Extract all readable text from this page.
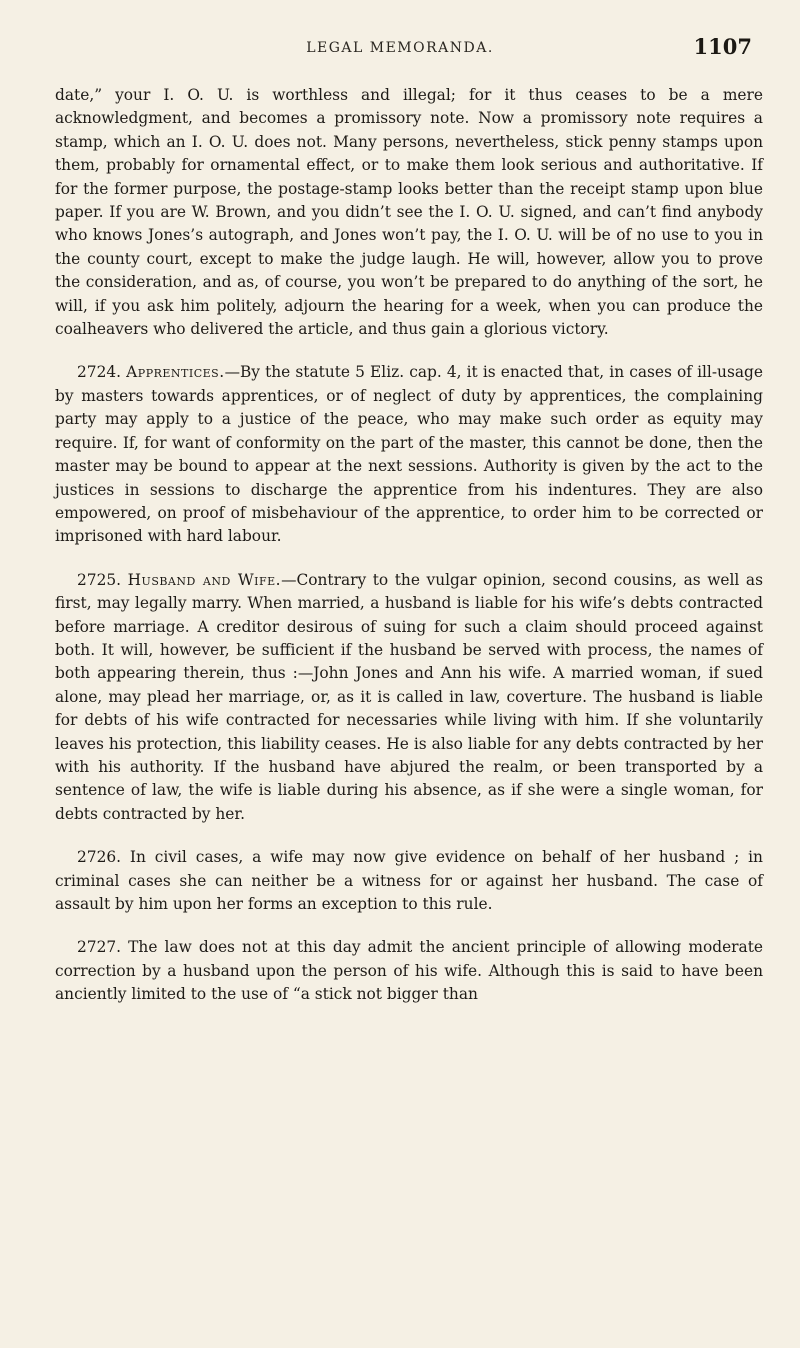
LEGAL MEMORANDA.	1107

date,” your I. O. U. is worthless and illegal; for it thus ceases to be a mere acknowledgment, and becomes a promissory note. Now a promissory note requires a stamp, which an I. O. U. does not. Many persons, nevertheless, stick penny stamps upon them, probably for ornamental effect, or to make them look serious and authoritative. If for the former purpose, the postage-stamp looks better than the receipt stamp upon blue paper. If you are W. Brown, and you didn’t see the I. O. U. signed, and can’t find anybody who knows Jones’s autograph, and Jones won’t pay, the I. O. U. will be of no use to you in the county court, except to make the judge laugh. He will, however, allow you to prove the consideration, and as, of course, you won’t be prepared to do anything of the sort, he will, if you ask him politely, adjourn the hearing for a week, when you can produce the coalheavers who delivered the article, and thus gain a glorious victory.

2724. Apprentices.—By the statute 5 Eliz. cap. 4, it is enacted that, in cases of ill-usage by masters towards apprentices, or of neglect of duty by apprentices, the complaining party may apply to a justice of the peace, who may make such order as equity may require. If, for want of conformity on the part of the master, this cannot be done, then the master may be bound to appear at the next sessions. Authority is given by the act to the justices in sessions to discharge the apprentice from his indentures. They are also empowered, on proof of misbehaviour of the apprentice, to order him to be corrected or imprisoned with hard labour.

2725. Husband and Wife.—Contrary to the vulgar opinion, second cousins, as well as first, may legally marry. When married, a husband is liable for his wife’s debts contracted before marriage. A creditor desirous of suing for such a claim should proceed against both. It will, however, be sufficient if the husband be served with process, the names of both appearing therein, thus :—John Jones and Ann his wife. A married woman, if sued alone, may plead her marriage, or, as it is called in law, coverture. The husband is liable for debts of his wife contracted for necessaries while living with him. If she voluntarily leaves his protection, this liability ceases. He is also liable for any debts contracted by her with his authority. If the husband have abjured the realm, or been transported by a sentence of law, the wife is liable during his absence, as if she were a single woman, for debts contracted by her.

2726. In civil cases, a wife may now give evidence on behalf of her husband ; in criminal cases she can neither be a witness for or against her husband. The case of assault by him upon her forms an exception to this rule.

2727. The law does not at this day admit the ancient principle of allowing moderate correction by a husband upon the person of his wife. Although this is said to have been anciently limited to the use of “a stick not bigger than
